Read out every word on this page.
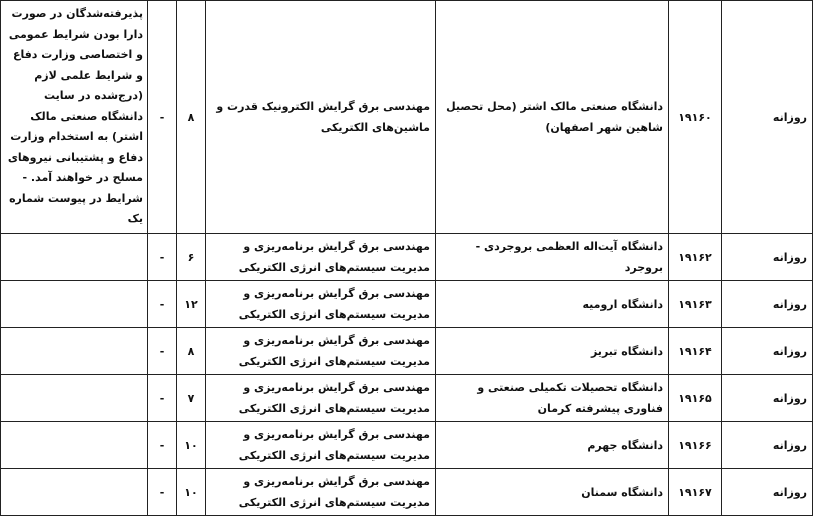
روزانه	۱۹۱۶۰	دانشگاه صنعتی مالک اشتر (محل تحصیل شاهین شهر اصفهان)	مهندسی برق گرایش الکترونیک قدرت و ماشین‌های الکتریکی	۸	-	پذیرفته‌شدگان در صورت دارا بودن شرایط عمومی و اختصاصی وزارت دفاع و شرایط علمی لازم (درج‌شده در سایت دانشگاه صنعتی مالک اشتر) به استخدام وزارت دفاع و پشتیبانی نیروهای مسلح در خواهند آمد. - شرایط در پیوست شماره یک
روزانه	۱۹۱۶۲	دانشگاه آیت‌اله العظمی بروجردی - بروجرد	مهندسی برق گرایش برنامه‌ریزی و مدیریت سیستم‌های انرژی الکتریکی	۶	-	
روزانه	۱۹۱۶۳	دانشگاه ارومیه	مهندسی برق گرایش برنامه‌ریزی و مدیریت سیستم‌های انرژی الکتریکی	۱۲	-	
روزانه	۱۹۱۶۴	دانشگاه تبریز	مهندسی برق گرایش برنامه‌ریزی و مدیریت سیستم‌های انرژی الکتریکی	۸	-	
روزانه	۱۹۱۶۵	دانشگاه تحصیلات تکمیلی صنعتی و فناوری پیشرفته کرمان	مهندسی برق گرایش برنامه‌ریزی و مدیریت سیستم‌های انرژی الکتریکی	۷	-	
روزانه	۱۹۱۶۶	دانشگاه جهرم	مهندسی برق گرایش برنامه‌ریزی و مدیریت سیستم‌های انرژی الکتریکی	۱۰	-	
روزانه	۱۹۱۶۷	دانشگاه سمنان	مهندسی برق گرایش برنامه‌ریزی و مدیریت سیستم‌های انرژی الکتریکی	۱۰	-	
